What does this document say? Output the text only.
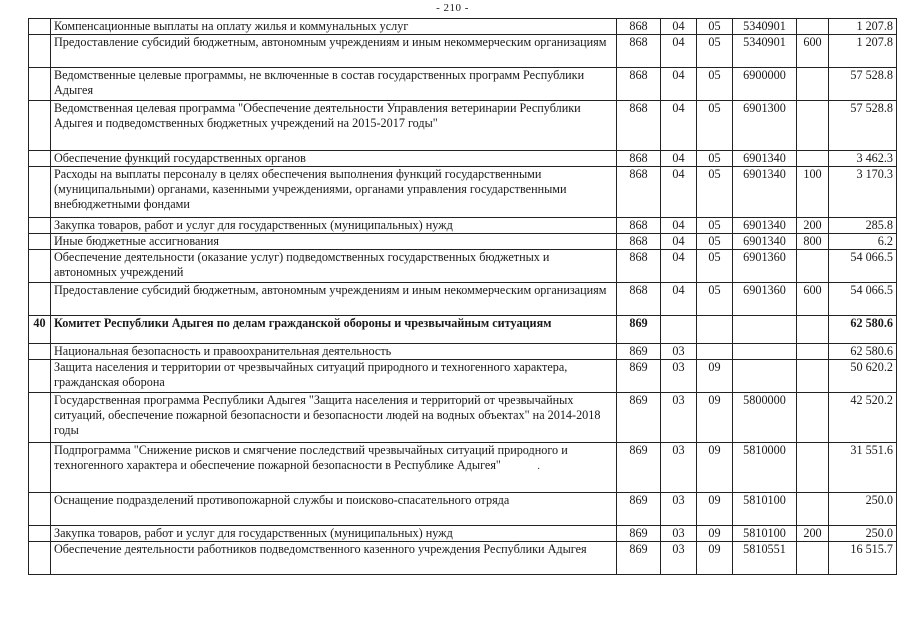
- 210 -
	Компенсационные выплаты на оплату жилья и коммунальных услуг	868	04	05	5340901		1 207.8
	Предоставление субсидий бюджетным, автономным учреждениям и иным некоммерческим организациям	868	04	05	5340901	600	1 207.8
	Ведомственные целевые программы, не включенные в состав государственных программ Республики Адыгея	868	04	05	6900000		57 528.8
	Ведомственная целевая программа "Обеспечение деятельности Управления ветеринарии Республики Адыгея и подведомственных бюджетных учреждений на 2015-2017 годы"	868	04	05	6901300		57 528.8
	Обеспечение функций государственных органов	868	04	05	6901340		3 462.3
	Расходы на выплаты персоналу в целях обеспечения выполнения функций государственными (муниципальными) органами, казенными учреждениями, органами управления государственными внебюджетными фондами	868	04	05	6901340	100	3 170.3
	Закупка товаров, работ и услуг для государственных (муниципальных) нужд	868	04	05	6901340	200	285.8
	Иные бюджетные ассигнования	868	04	05	6901340	800	6.2
	Обеспечение деятельности (оказание услуг) подведомственных государственных бюджетных и автономных учреждений	868	04	05	6901360		54 066.5
	Предоставление субсидий бюджетным, автономным учреждениям и иным некоммерческим организациям	868	04	05	6901360	600	54 066.5
40	Комитет Республики Адыгея по делам гражданской обороны и чрезвычайным ситуациям	869					62 580.6
	Национальная безопасность и правоохранительная деятельность	869	03				62 580.6
	Защита населения и территории от чрезвычайных ситуаций природного и техногенного характера, гражданская оборона	869	03	09			50 620.2
	Государственная программа Республики Адыгея "Защита населения и территорий от чрезвычайных ситуаций, обеспечение пожарной безопасности и безопасности людей на водных объектах" на 2014-2018 годы	869	03	09	5800000		42 520.2
	Подпрограмма "Снижение рисков и смягчение последствий чрезвычайных ситуаций природного и техногенного характера и обеспечение пожарной безопасности в Республике Адыгея"	869	03	09	5810000		31 551.6
	Оснащение подразделений противопожарной службы и поисково-спасательного отряда	869	03	09	5810100		250.0
	Закупка товаров, работ и услуг для государственных (муниципальных) нужд	869	03	09	5810100	200	250.0
	Обеспечение деятельности работников подведомственного казенного учреждения Республики Адыгея	869	03	09	5810551		16 515.7
·
